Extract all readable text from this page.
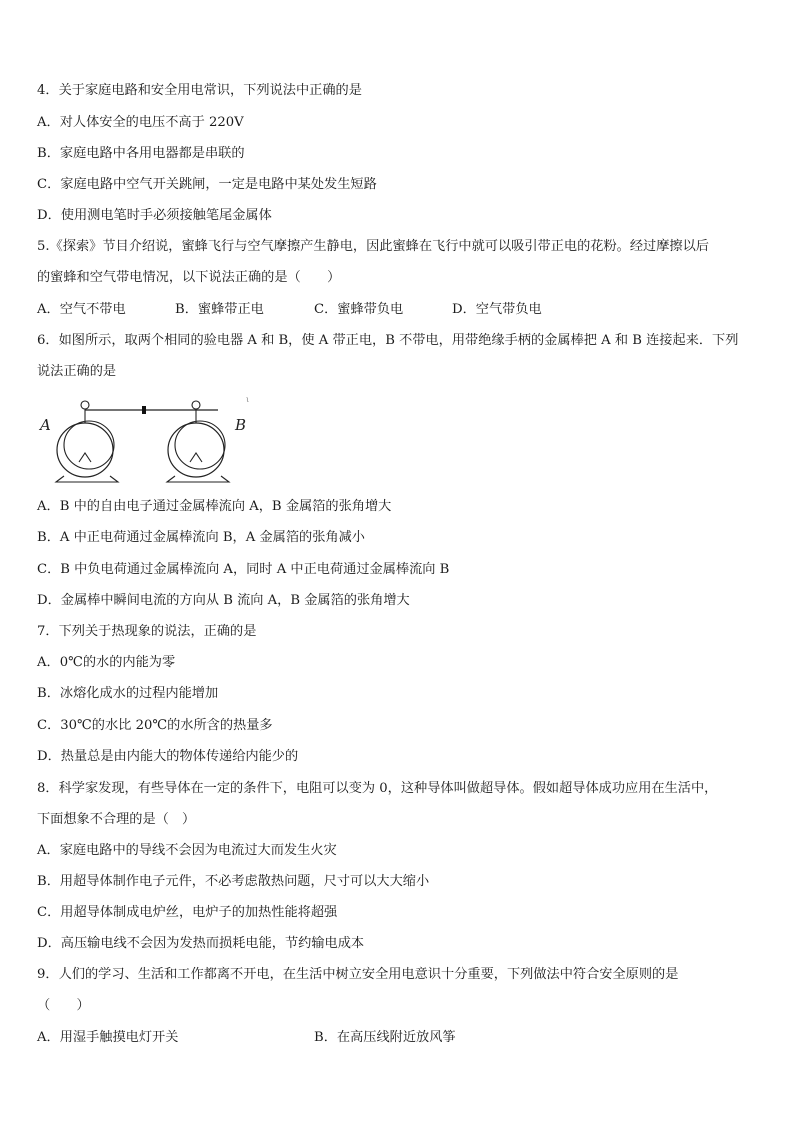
4．关于家庭电路和安全用电常识，下列说法中正确的是
A．对人体安全的电压不高于 220V
B．家庭电路中各用电器都是串联的
C．家庭电路中空气开关跳闸，一定是电路中某处发生短路
D．使用测电笔时手必须接触笔尾金属体
5.《探索》节目介绍说，蜜蜂飞行与空气摩擦产生静电，因此蜜蜂在飞行中就可以吸引带正电的花粉。经过摩擦以后
的蜜蜂和空气带电情况，以下说法正确的是（　　）
A．空气不带电	B．蜜蜂带正电	C．蜜蜂带负电	D．空气带负电
6．如图所示，取两个相同的验电器 A 和 B，使 A 带正电，B 不带电，用带绝缘手柄的金属棒把 A 和 B 连接起来．下列
说法正确的是
A	B
ι
A．B 中的自由电子通过金属棒流向 A，B 金属箔的张角增大
B．A 中正电荷通过金属棒流向 B，A 金属箔的张角减小
C．B 中负电荷通过金属棒流向 A，同时 A 中正电荷通过金属棒流向 B
D．金属棒中瞬间电流的方向从 B 流向 A，B 金属箔的张角增大
7．下列关于热现象的说法，正确的是
A．0℃的水的内能为零
B．冰熔化成水的过程内能增加
C．30℃的水比 20℃的水所含的热量多
D．热量总是由内能大的物体传递给内能少的
8．科学家发现，有些导体在一定的条件下，电阻可以变为 0，这种导体叫做超导体。假如超导体成功应用在生活中，
下面想象不合理的是（　）
A．家庭电路中的导线不会因为电流过大而发生火灾
B．用超导体制作电子元件，不必考虑散热问题，尺寸可以大大缩小
C．用超导体制成电炉丝，电炉子的加热性能将超强
D．高压输电线不会因为发热而损耗电能，节约输电成本
9．人们的学习、生活和工作都离不开电，在生活中树立安全用电意识十分重要，下列做法中符合安全原则的是
（　　）
A．用湿手触摸电灯开关	B．在高压线附近放风筝
